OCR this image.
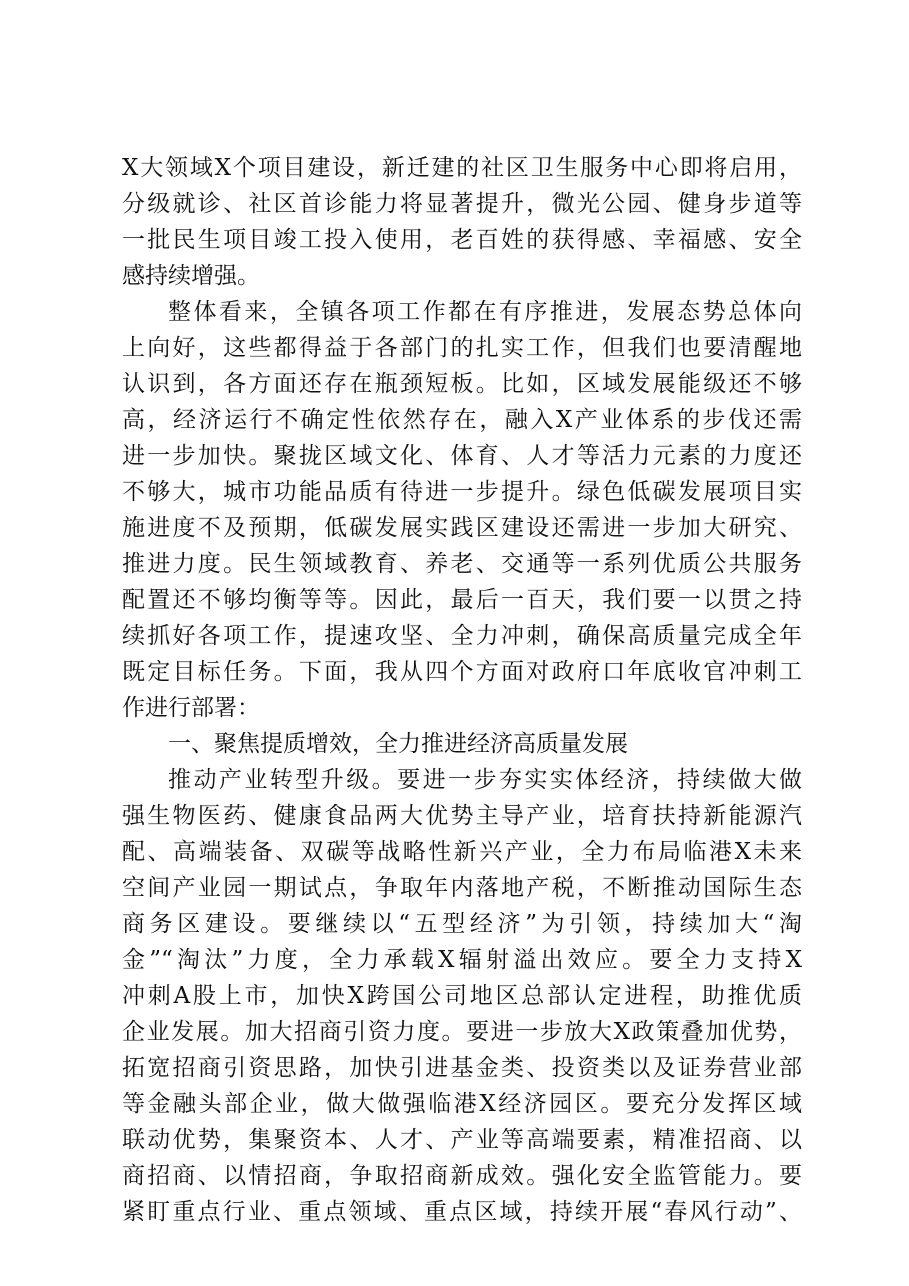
X大领域X个项目建设，新迁建的社区卫生服务中心即将启用，
分级就诊、社区首诊能力将显著提升，微光公园、健身步道等
一批民生项目竣工投入使用，老百姓的获得感、幸福感、安全
感持续增强。
整体看来，全镇各项工作都在有序推进，发展态势总体向
上向好，这些都得益于各部门的扎实工作，但我们也要清醒地
认识到，各方面还存在瓶颈短板。比如，区域发展能级还不够
高，经济运行不确定性依然存在，融入X产业体系的步伐还需
进一步加快。聚拢区域文化、体育、人才等活力元素的力度还
不够大，城市功能品质有待进一步提升。绿色低碳发展项目实
施进度不及预期，低碳发展实践区建设还需进一步加大研究、
推进力度。民生领域教育、养老、交通等一系列优质公共服务
配置还不够均衡等等。因此，最后一百天，我们要一以贯之持
续抓好各项工作，提速攻坚、全力冲刺，确保高质量完成全年
既定目标任务。下面，我从四个方面对政府口年底收官冲刺工
作进行部署：
一、聚焦提质增效，全力推进经济高质量发展
推动产业转型升级。要进一步夯实实体经济，持续做大做
强生物医药、健康食品两大优势主导产业，培育扶持新能源汽
配、高端装备、双碳等战略性新兴产业，全力布局临港X未来
空间产业园一期试点，争取年内落地产税，不断推动国际生态
商务区建设。要继续以“五型经济”为引领，持续加大“淘
金”“淘汰”力度，全力承载X辐射溢出效应。要全力支持X
冲刺A股上市，加快X跨国公司地区总部认定进程，助推优质
企业发展。加大招商引资力度。要进一步放大X政策叠加优势，
拓宽招商引资思路，加快引进基金类、投资类以及证券营业部
等金融头部企业，做大做强临港X经济园区。要充分发挥区域
联动优势，集聚资本、人才、产业等高端要素，精准招商、以
商招商、以情招商，争取招商新成效。强化安全监管能力。要
紧盯重点行业、重点领域、重点区域，持续开展“春风行动”、
